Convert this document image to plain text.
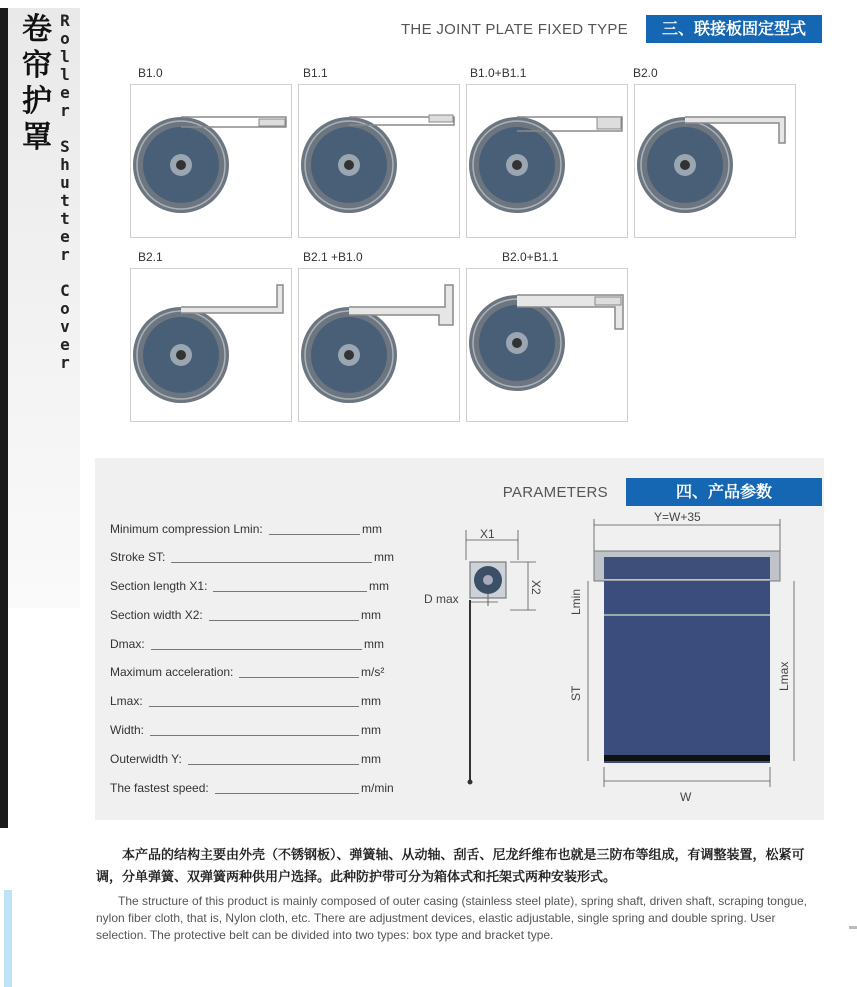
卷
帘
护
罩
R
o
l
l
e
r

S
h
u
t
t
e
r

C
o
v
e
r
THE JOINT PLATE FIXED TYPE	三、联接板固定型式
B1.0	B1.1	B1.0+B1.1	B2.0
B2.1	B2.1 +B1.0	B2.0+B1.1
PARAMETERS	四、产品参数
Minimum compression Lmin:	mm
Stroke ST:	mm
Section length X1:	mm
Section width X2:	mm
Dmax:	mm
Maximum acceleration:	m/s²
Lmax:	mm
Width:	mm
Outerwidth Y:	mm
The fastest speed:	m/min
X1
X2
D max
Y=W+35
Lmin
ST
Lmax
W
本产品的结构主要由外壳（不锈钢板）、弹簧轴、从动轴、刮舌、尼龙纤维布也就是三防布等组成，有调整装置，松紧可调，分单弹簧、双弹簧两种供用户选择。此种防护带可分为箱体式和托架式两种安装形式。
The structure of this product is mainly composed of outer casing (stainless steel plate), spring shaft, driven shaft, scraping tongue, nylon fiber cloth, that is, Nylon cloth, etc. There are adjustment devices, elastic adjustable, single spring and double spring. User selection. The protective belt can be divided into two types: box type and bracket type.
